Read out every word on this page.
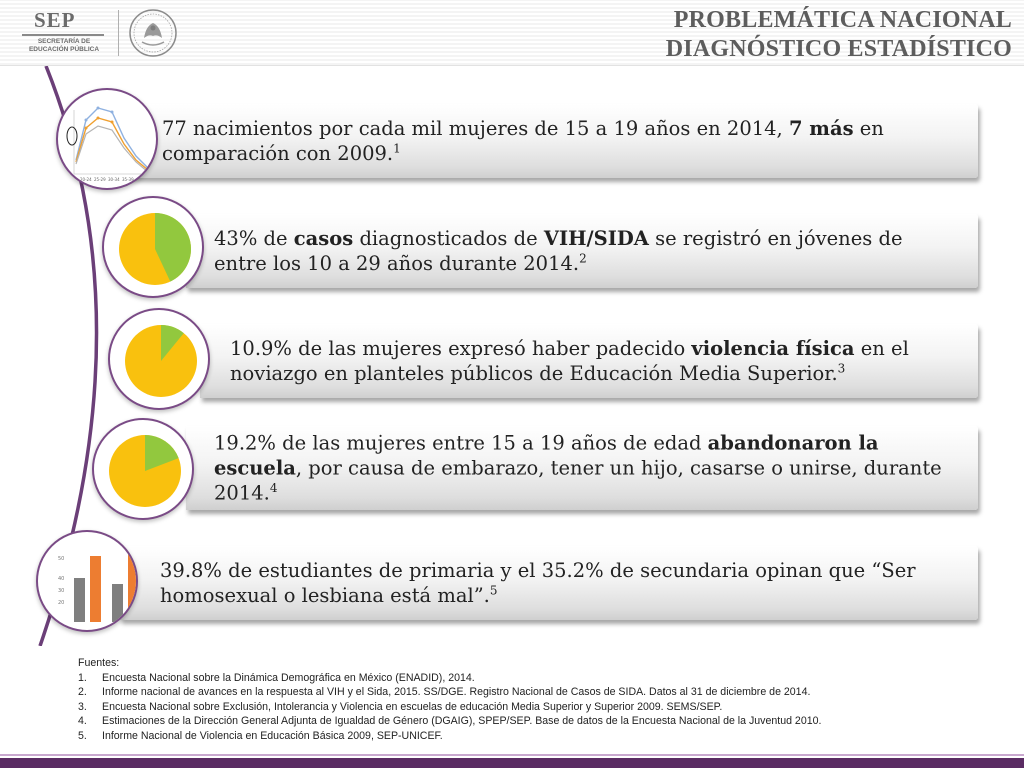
SEP
SECRETARÍA DE EDUCACIÓN PÚBLICA
PROBLEMÁTICA NACIONAL
DIAGNÓSTICO ESTADÍSTICO
77 nacimientos por cada mil mujeres de 15 a 19 años en 2014, 7 más en comparación con 2009.$^1$
20-24 25-29 30-34 35-39 40-44
43% de casos diagnosticados de VIH/SIDA se registró en jóvenes de entre los 10 a 29 años durante 2014.$^2$
10.9% de las mujeres expresó haber padecido violencia física en el noviazgo en planteles públicos de Educación Media Superior.$^3$
19.2% de las mujeres entre 15 a 19 años de edad abandonaron la escuela, por causa de embarazo, tener un hijo, casarse o unirse, durante 2014.$^4$
39.8% de estudiantes de primaria y el 35.2% de secundaria opinan que “Ser homosexual o lesbiana está mal”.$^5$
50
40
30
20
Fuentes:
1. Encuesta Nacional sobre la Dinámica Demográfica en México (ENADID), 2014.
2. Informe nacional de avances en la respuesta al VIH y el Sida, 2015. SS/DGE. Registro Nacional de Casos de SIDA. Datos al 31 de diciembre de 2014.
3. Encuesta Nacional sobre Exclusión, Intolerancia y Violencia en escuelas de educación Media Superior y Superior 2009. SEMS/SEP.
4. Estimaciones de la Dirección General Adjunta de Igualdad de Género (DGAIG), SPEP/SEP. Base de datos de la Encuesta Nacional de la Juventud 2010.
5. Informe Nacional de Violencia en Educación Básica 2009, SEP-UNICEF.
